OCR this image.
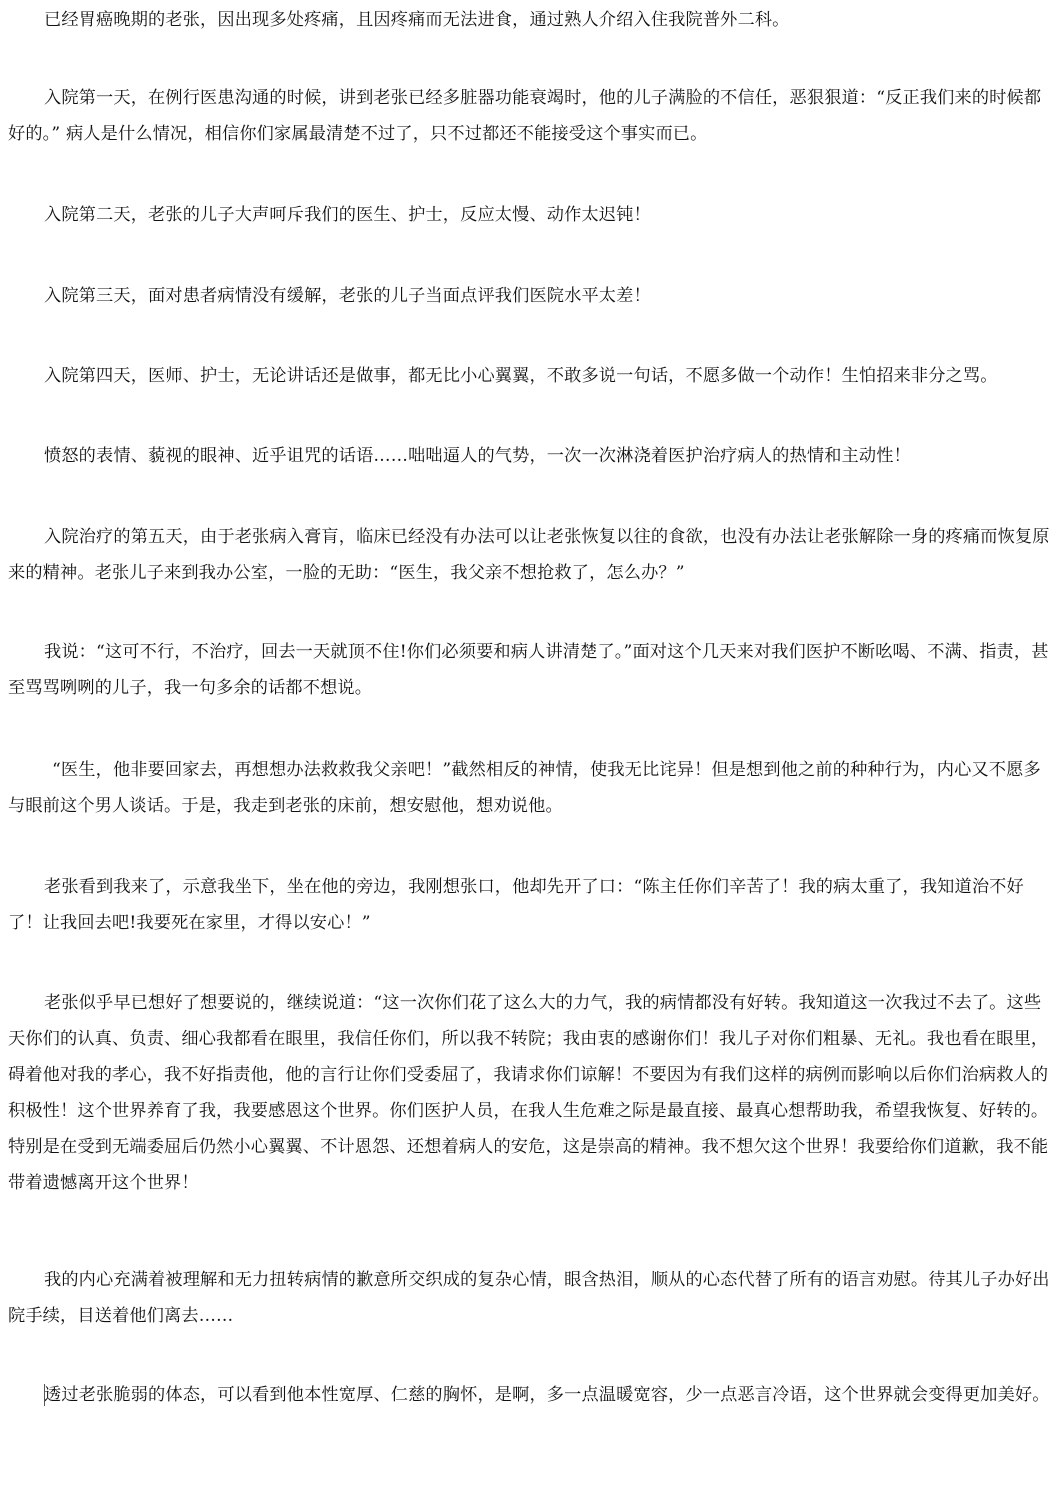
已经胃癌晚期的老张，因出现多处疼痛，且因疼痛而无法进食，通过熟人介绍入住我院普外二科。

入院第一天，在例行医患沟通的时候，讲到老张已经多脏器功能衰竭时，他的儿子满脸的不信任，恶狠狠道：“反正我们来的时候都好的。” 病人是什么情况，相信你们家属最清楚不过了，只不过都还不能接受这个事实而已。

入院第二天，老张的儿子大声呵斥我们的医生、护士，反应太慢、动作太迟钝！

入院第三天，面对患者病情没有缓解，老张的儿子当面点评我们医院水平太差！

入院第四天，医师、护士，无论讲话还是做事，都无比小心翼翼，不敢多说一句话，不愿多做一个动作！生怕招来非分之骂。

愤怒的表情、藐视的眼神、近乎诅咒的话语……咄咄逼人的气势，一次一次淋浇着医护治疗病人的热情和主动性！

入院治疗的第五天，由于老张病入膏肓，临床已经没有办法可以让老张恢复以往的食欲，也没有办法让老张解除一身的疼痛而恢复原来的精神。老张儿子来到我办公室，一脸的无助：“医生，我父亲不想抢救了，怎么办？”

我说：“这可不行，不治疗，回去一天就顶不住!你们必须要和病人讲清楚了。”面对这个几天来对我们医护不断吆喝、不满、指责，甚至骂骂咧咧的儿子，我一句多余的话都不想说。

“医生，他非要回家去，再想想办法救救我父亲吧！”截然相反的神情，使我无比诧异！但是想到他之前的种种行为，内心又不愿多与眼前这个男人谈话。于是，我走到老张的床前，想安慰他，想劝说他。

老张看到我来了，示意我坐下，坐在他的旁边，我刚想张口，他却先开了口：“陈主任你们辛苦了！我的病太重了，我知道治不好了！让我回去吧!我要死在家里，才得以安心！”

老张似乎早已想好了想要说的，继续说道：“这一次你们花了这么大的力气，我的病情都没有好转。我知道这一次我过不去了。这些天你们的认真、负责、细心我都看在眼里，我信任你们，所以我不转院；我由衷的感谢你们！我儿子对你们粗暴、无礼。我也看在眼里，碍着他对我的孝心，我不好指责他，他的言行让你们受委屈了，我请求你们谅解！不要因为有我们这样的病例而影响以后你们治病救人的积极性！这个世界养育了我，我要感恩这个世界。你们医护人员，在我人生危难之际是最直接、最真心想帮助我，希望我恢复、好转的。特别是在受到无端委屈后仍然小心翼翼、不计恩怨、还想着病人的安危，这是崇高的精神。我不想欠这个世界！我要给你们道歉，我不能带着遗憾离开这个世界！

我的内心充满着被理解和无力扭转病情的歉意所交织成的复杂心情，眼含热泪，顺从的心态代替了所有的语言劝慰。待其儿子办好出院手续，目送着他们离去……

透过老张脆弱的体态，可以看到他本性宽厚、仁慈的胸怀，是啊，多一点温暖宽容，少一点恶言冷语，这个世界就会变得更加美好。
